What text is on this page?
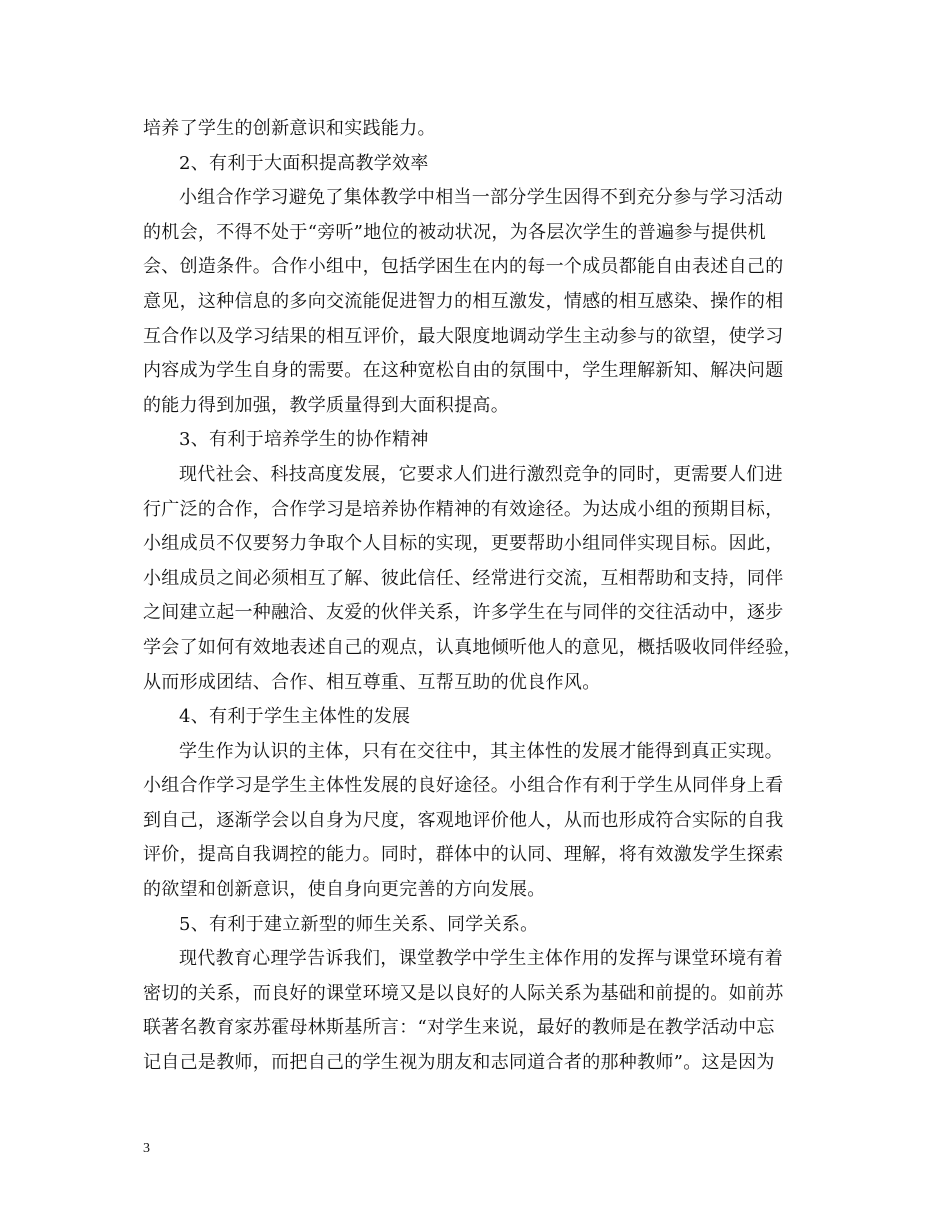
培养了学生的创新意识和实践能力。
2、有利于大面积提高教学效率
小组合作学习避免了集体教学中相当一部分学生因得不到充分参与学习活动
的机会，不得不处于“旁听”地位的被动状况，为各层次学生的普遍参与提供机
会、创造条件。合作小组中，包括学困生在内的每一个成员都能自由表述自己的
意见，这种信息的多向交流能促进智力的相互激发，情感的相互感染、操作的相
互合作以及学习结果的相互评价，最大限度地调动学生主动参与的欲望，使学习
内容成为学生自身的需要。在这种宽松自由的氛围中，学生理解新知、解决问题
的能力得到加强，教学质量得到大面积提高。
3、有利于培养学生的协作精神
现代社会、科技高度发展，它要求人们进行激烈竞争的同时，更需要人们进
行广泛的合作，合作学习是培养协作精神的有效途径。为达成小组的预期目标，
小组成员不仅要努力争取个人目标的实现，更要帮助小组同伴实现目标。因此，
小组成员之间必须相互了解、彼此信任、经常进行交流，互相帮助和支持，同伴
之间建立起一种融洽、友爱的伙伴关系，许多学生在与同伴的交往活动中，逐步
学会了如何有效地表述自己的观点，认真地倾听他人的意见，概括吸收同伴经验，
从而形成团结、合作、相互尊重、互帮互助的优良作风。
4、有利于学生主体性的发展
学生作为认识的主体，只有在交往中，其主体性的发展才能得到真正实现。
小组合作学习是学生主体性发展的良好途径。小组合作有利于学生从同伴身上看
到自己，逐渐学会以自身为尺度，客观地评价他人，从而也形成符合实际的自我
评价，提高自我调控的能力。同时，群体中的认同、理解，将有效激发学生探索
的欲望和创新意识，使自身向更完善的方向发展。
5、有利于建立新型的师生关系、同学关系。
现代教育心理学告诉我们，课堂教学中学生主体作用的发挥与课堂环境有着
密切的关系，而良好的课堂环境又是以良好的人际关系为基础和前提的。如前苏
联著名教育家苏霍母林斯基所言：“对学生来说，最好的教师是在教学活动中忘
记自己是教师，而把自己的学生视为朋友和志同道合者的那种教师”。这是因为
3
